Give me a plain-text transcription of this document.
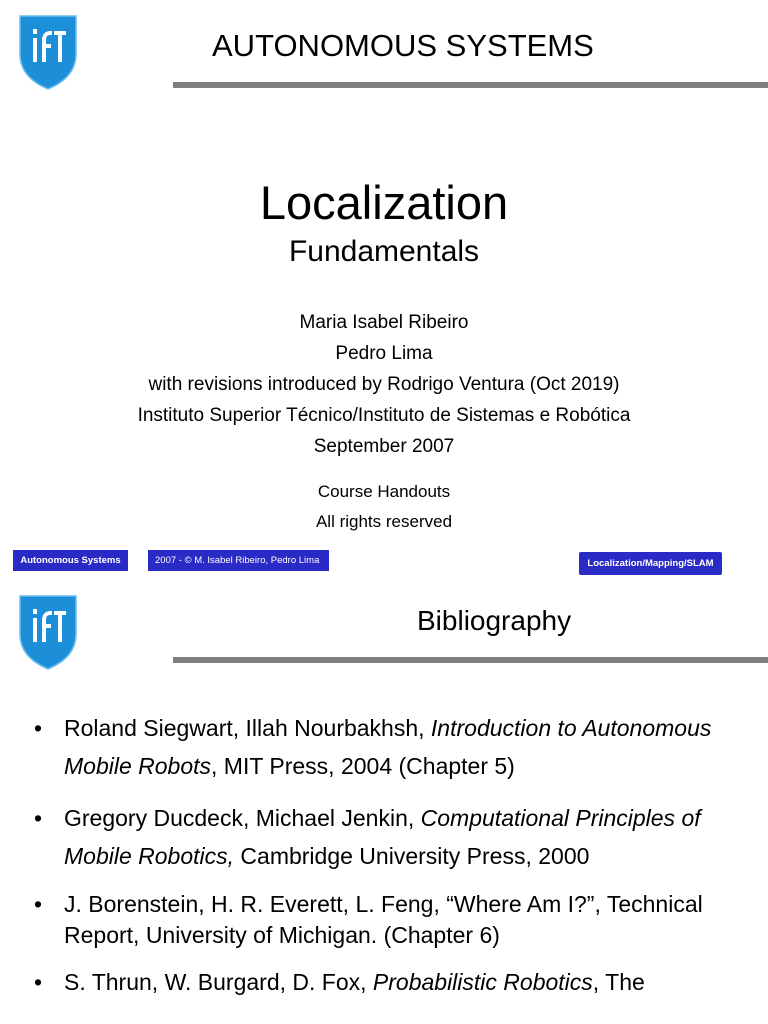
AUTONOMOUS SYSTEMS
Localization
Fundamentals
Maria Isabel Ribeiro
Pedro Lima
with revisions introduced by Rodrigo Ventura (Oct 2019)
Instituto Superior Técnico/Instituto de Sistemas e Robótica
September 2007
Course Handouts
All rights reserved
Autonomous Systems	2007 - © M. Isabel Ribeiro, Pedro Lima	Localization/Mapping/SLAM
Bibliography
• Roland Siegwart, Illah Nourbakhsh, Introduction to Autonomous Mobile Robots, MIT Press, 2004 (Chapter 5)
• Gregory Ducdeck, Michael Jenkin, Computational Principles of Mobile Robotics, Cambridge University Press, 2000
• J. Borenstein, H. R. Everett, L. Feng, “Where Am I?”, Technical Report, University of Michigan. (Chapter 6)
• S. Thrun, W. Burgard, D. Fox, Probabilistic Robotics, The
